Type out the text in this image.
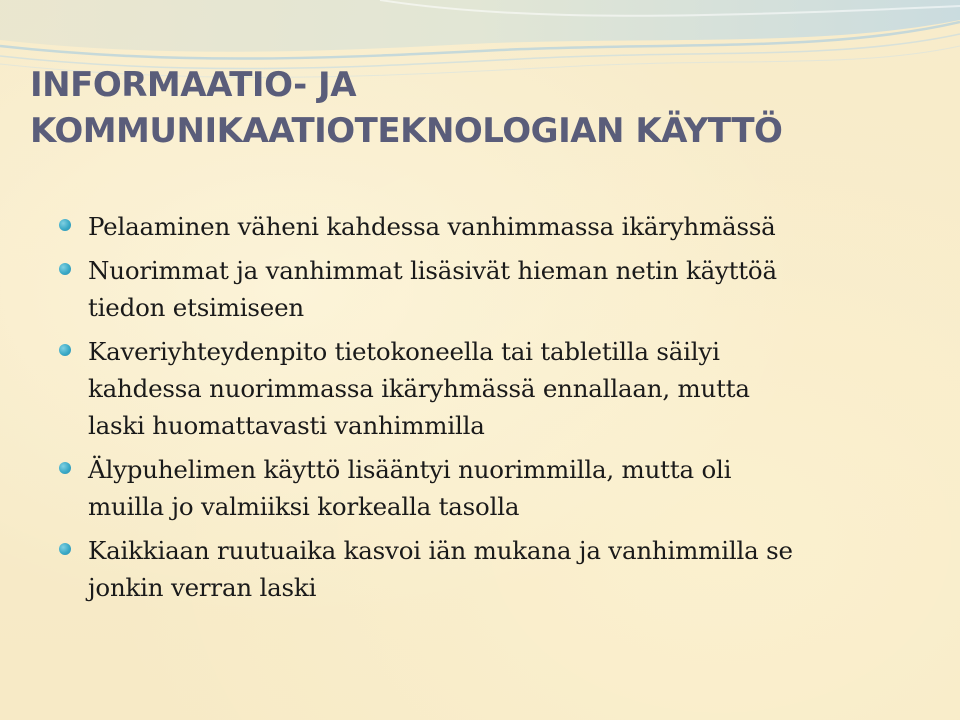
INFORMAATIO- JA
KOMMUNIKAATIOTEKNOLOGIAN KÄYTTÖ
Pelaaminen väheni kahdessa vanhimmassa ikäryhmässä
Nuorimmat ja vanhimmat lisäsivät hieman netin käyttöä
tiedon etsimiseen
Kaveriyhteydenpito tietokoneella tai tabletilla säilyi
kahdessa nuorimmassa ikäryhmässä ennallaan, mutta
laski huomattavasti vanhimmilla
Älypuhelimen käyttö lisääntyi nuorimmilla, mutta oli
muilla jo valmiiksi korkealla tasolla
Kaikkiaan ruutuaika kasvoi iän mukana ja vanhimmilla se
jonkin verran laski
